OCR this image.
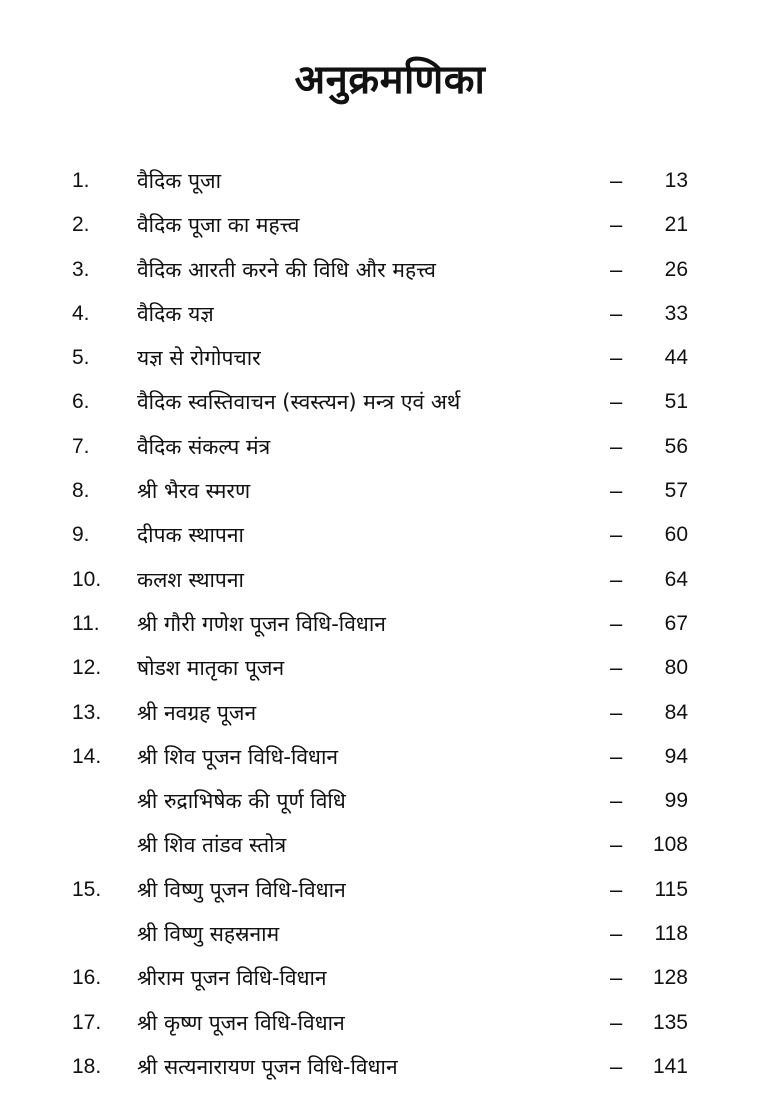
अनुक्रमणिका
1. वैदिक पूजा	– 13
2. वैदिक पूजा का महत्त्व	– 21
3. वैदिक आरती करने की विधि और महत्त्व	– 26
4. वैदिक यज्ञ	– 33
5. यज्ञ से रोगोपचार	– 44
6. वैदिक स्वस्तिवाचन (स्वस्त्यन) मन्त्र एवं अर्थ	– 51
7. वैदिक संकल्प मंत्र	– 56
8. श्री भैरव स्मरण	– 57
9. दीपक स्थापना	– 60
10. कलश स्थापना	– 64
11. श्री गौरी गणेश पूजन विधि-विधान	– 67
12. षोडश मातृका पूजन	– 80
13. श्री नवग्रह पूजन	– 84
14. श्री शिव पूजन विधि-विधान	– 94
श्री रुद्राभिषेक की पूर्ण विधि	– 99
श्री शिव तांडव स्तोत्र	– 108
15. श्री विष्णु पूजन विधि-विधान	– 115
श्री विष्णु सहस्रनाम	– 118
16. श्रीराम पूजन विधि-विधान	– 128
17. श्री कृष्ण पूजन विधि-विधान	– 135
18. श्री सत्यनारायण पूजन विधि-विधान	– 141
